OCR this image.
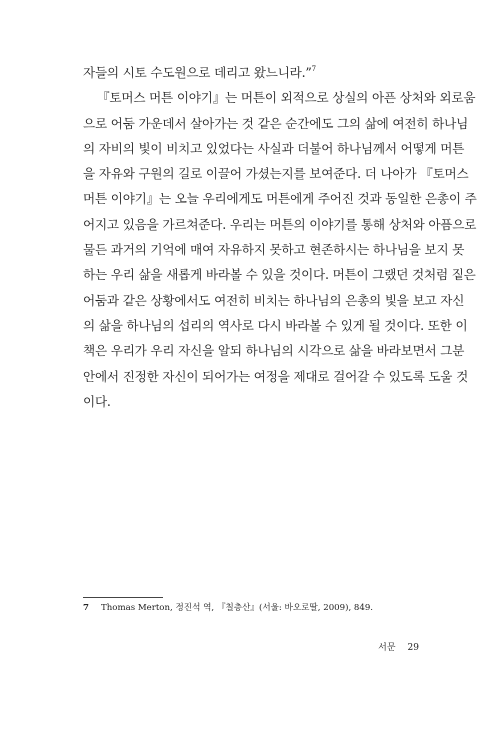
자들의 시토 수도원으로 데리고 왔느니라.”$^7$
『토머스 머튼 이야기』는 머튼이 외적으로 상실의 아픈 상처와 외로움
으로 어둠 가운데서 살아가는 것 같은 순간에도 그의 삶에 여전히 하나님
의 자비의 빛이 비치고 있었다는 사실과 더불어 하나님께서 어떻게 머튼
을 자유와 구원의 길로 이끌어 가셨는지를 보여준다. 더 나아가 『토머스
머튼 이야기』는 오늘 우리에게도 머튼에게 주어진 것과 동일한 은총이 주
어지고 있음을 가르쳐준다. 우리는 머튼의 이야기를 통해 상처와 아픔으로
물든 과거의 기억에 매여 자유하지 못하고 현존하시는 하나님을 보지 못
하는 우리 삶을 새롭게 바라볼 수 있을 것이다. 머튼이 그랬던 것처럼 짙은
어둠과 같은 상황에서도 여전히 비치는 하나님의 은총의 빛을 보고 자신
의 삶을 하나님의 섭리의 역사로 다시 바라볼 수 있게 될 것이다. 또한 이
책은 우리가 우리 자신을 알되 하나님의 시각으로 삶을 바라보면서 그분
안에서 진정한 자신이 되어가는 여정을 제대로 걸어갈 수 있도록 도울 것
이다.
7 Thomas Merton, 정진석 역, 『칠층산』(서울: 바오로딸, 2009), 849.
서문 29
